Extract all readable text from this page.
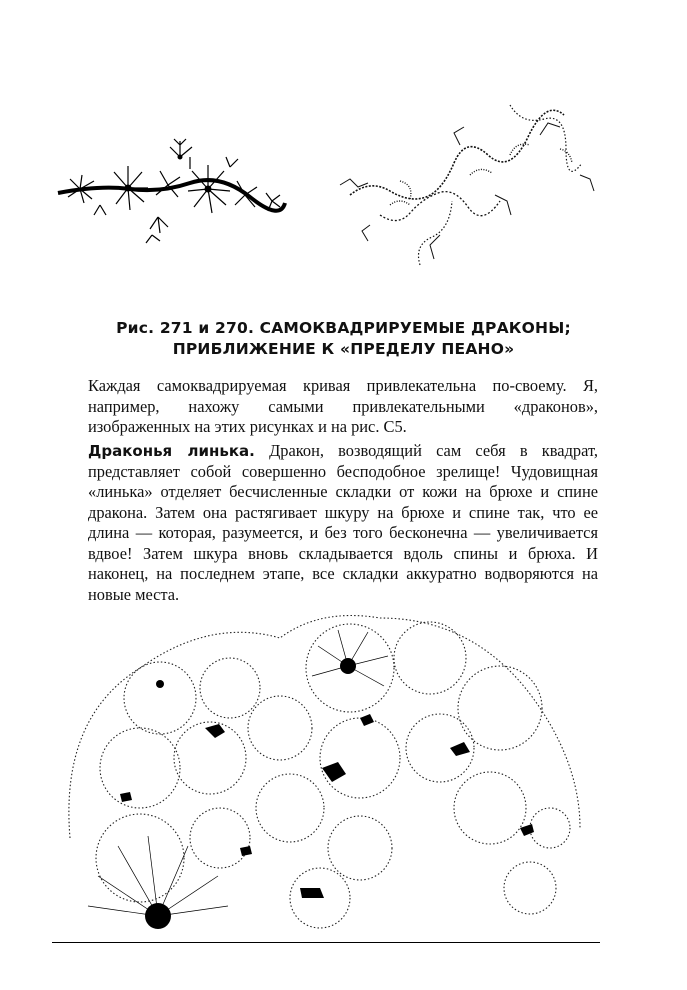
Рис. 271 и 270. САМОКВАДРИРУЕМЫЕ ДРАКОНЫ;
ПРИБЛИЖЕНИЕ К «ПРЕДЕЛУ ПЕАНО»
Каждая самоквадрируемая кривая привлекательна по-своему. Я, например, нахожу самыми привлекательными «драконов», изображенных на этих рисунках и на рис. С5.
Драконья линька. Дракон, возводящий сам себя в квадрат, представляет собой совершенно бесподобное зрелище! Чудовищная «линька» отделяет бесчисленные складки от кожи на брюхе и спине дракона. Затем она растягивает шкуру на брюхе и спине так, что ее длина — которая, разумеется, и без того бесконечна — увеличивается вдвое! Затем шкура вновь складывается вдоль спины и брюха. И наконец, на последнем этапе, все складки аккуратно водворяются на новые места.
